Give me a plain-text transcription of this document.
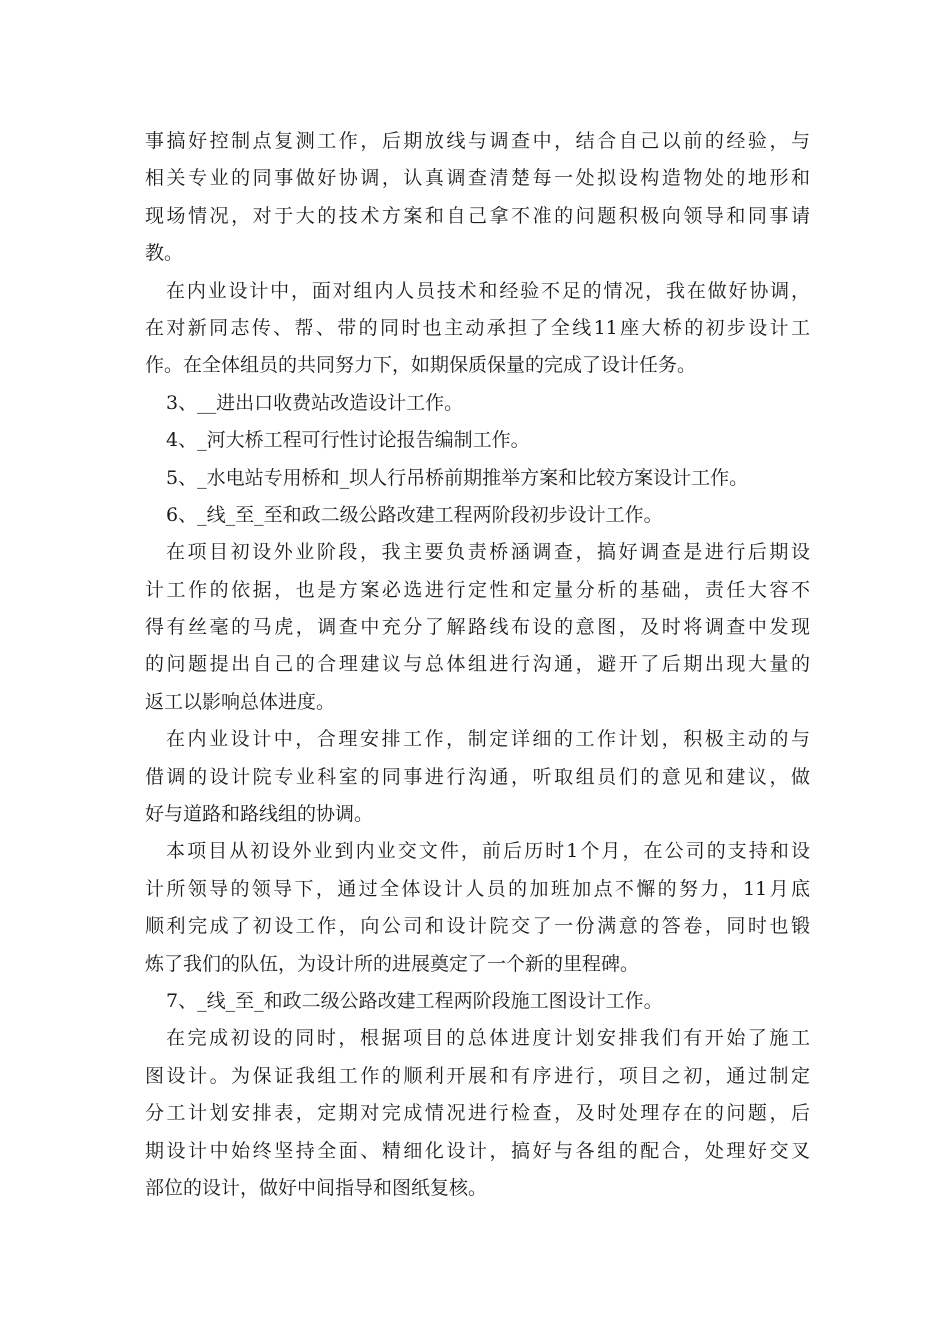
事搞好控制点复测工作，后期放线与调查中，结合自己以前的经验，与
相关专业的同事做好协调，认真调查清楚每一处拟设构造物处的地形和
现场情况，对于大的技术方案和自己拿不准的问题积极向领导和同事请
教。
在内业设计中，面对组内人员技术和经验不足的情况，我在做好协调，
在对新同志传、帮、带的同时也主动承担了全线11座大桥的初步设计工
作。在全体组员的共同努力下，如期保质保量的完成了设计任务。
3、__进出口收费站改造设计工作。
4、_河大桥工程可行性讨论报告编制工作。
5、_水电站专用桥和_坝人行吊桥前期推举方案和比较方案设计工作。
6、_线_至_至和政二级公路改建工程两阶段初步设计工作。
在项目初设外业阶段，我主要负责桥涵调查，搞好调查是进行后期设
计工作的依据，也是方案必选进行定性和定量分析的基础，责任大容不
得有丝毫的马虎，调查中充分了解路线布设的意图，及时将调查中发现
的问题提出自己的合理建议与总体组进行沟通，避开了后期出现大量的
返工以影响总体进度。
在内业设计中，合理安排工作，制定详细的工作计划，积极主动的与
借调的设计院专业科室的同事进行沟通，听取组员们的意见和建议，做
好与道路和路线组的协调。
本项目从初设外业到内业交文件，前后历时1个月，在公司的支持和设
计所领导的领导下，通过全体设计人员的加班加点不懈的努力，11月底
顺利完成了初设工作，向公司和设计院交了一份满意的答卷，同时也锻
炼了我们的队伍，为设计所的进展奠定了一个新的里程碑。
7、_线_至_和政二级公路改建工程两阶段施工图设计工作。
在完成初设的同时，根据项目的总体进度计划安排我们有开始了施工
图设计。为保证我组工作的顺利开展和有序进行，项目之初，通过制定
分工计划安排表，定期对完成情况进行检查，及时处理存在的问题，后
期设计中始终坚持全面、精细化设计，搞好与各组的配合，处理好交叉
部位的设计，做好中间指导和图纸复核。
